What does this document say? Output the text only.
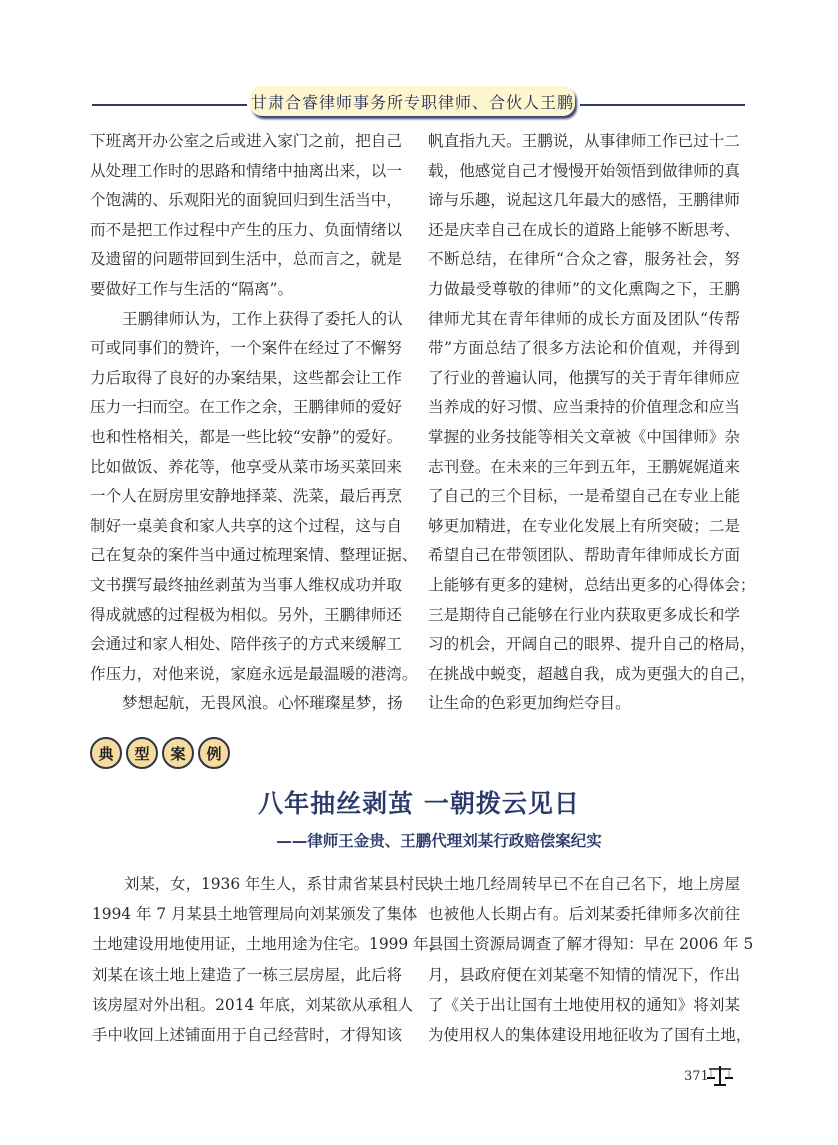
甘肃合睿律师事务所专职律师、合伙人王鹏
下班离开办公室之后或进入家门之前，把自己
从处理工作时的思路和情绪中抽离出来，以一
个饱满的、乐观阳光的面貌回归到生活当中，
而不是把工作过程中产生的压力、负面情绪以
及遗留的问题带回到生活中，总而言之，就是
要做好工作与生活的“隔离”。
王鹏律师认为，工作上获得了委托人的认
可或同事们的赞许，一个案件在经过了不懈努
力后取得了良好的办案结果，这些都会让工作
压力一扫而空。在工作之余，王鹏律师的爱好
也和性格相关，都是一些比较“安静”的爱好。
比如做饭、养花等，他享受从菜市场买菜回来
一个人在厨房里安静地择菜、洗菜，最后再烹
制好一桌美食和家人共享的这个过程，这与自
己在复杂的案件当中通过梳理案情、整理证据、
文书撰写最终抽丝剥茧为当事人维权成功并取
得成就感的过程极为相似。另外，王鹏律师还
会通过和家人相处、陪伴孩子的方式来缓解工
作压力，对他来说，家庭永远是最温暖的港湾。
梦想起航，无畏风浪。心怀璀璨星梦，扬
帆直指九天。王鹏说，从事律师工作已过十二
载，他感觉自己才慢慢开始领悟到做律师的真
谛与乐趣，说起这几年最大的感悟，王鹏律师
还是庆幸自己在成长的道路上能够不断思考、
不断总结，在律所“合众之睿，服务社会，努
力做最受尊敬的律师”的文化熏陶之下，王鹏
律师尤其在青年律师的成长方面及团队“传帮
带”方面总结了很多方法论和价值观，并得到
了行业的普遍认同，他撰写的关于青年律师应
当养成的好习惯、应当秉持的价值理念和应当
掌握的业务技能等相关文章被《中国律师》杂
志刊登。在未来的三年到五年，王鹏娓娓道来
了自己的三个目标，一是希望自己在专业上能
够更加精进，在专业化发展上有所突破；二是
希望自己在带领团队、帮助青年律师成长方面
上能够有更多的建树，总结出更多的心得体会；
三是期待自己能够在行业内获取更多成长和学
习的机会，开阔自己的眼界、提升自己的格局，
在挑战中蜕变，超越自我，成为更强大的自己，
让生命的色彩更加绚烂夺目。
典	型	案	例
八年抽丝剥茧 一朝拨云见日
——律师王金贵、王鹏代理刘某行政赔偿案纪实
刘某，女，1936 年生人，系甘肃省某县村民，
1994 年 7 月某县土地管理局向刘某颁发了集体
土地建设用地使用证，土地用途为住宅。1999 年，
刘某在该土地上建造了一栋三层房屋，此后将
该房屋对外出租。2014 年底，刘某欲从承租人
手中收回上述铺面用于自己经营时，才得知该
块土地几经周转早已不在自己名下，地上房屋
也被他人长期占有。后刘某委托律师多次前往
县国土资源局调查了解才得知：早在 2006 年 5
月，县政府便在刘某毫不知情的情况下，作出
了《关于出让国有土地使用权的通知》将刘某
为使用权人的集体建设用地征收为了国有土地，
371
